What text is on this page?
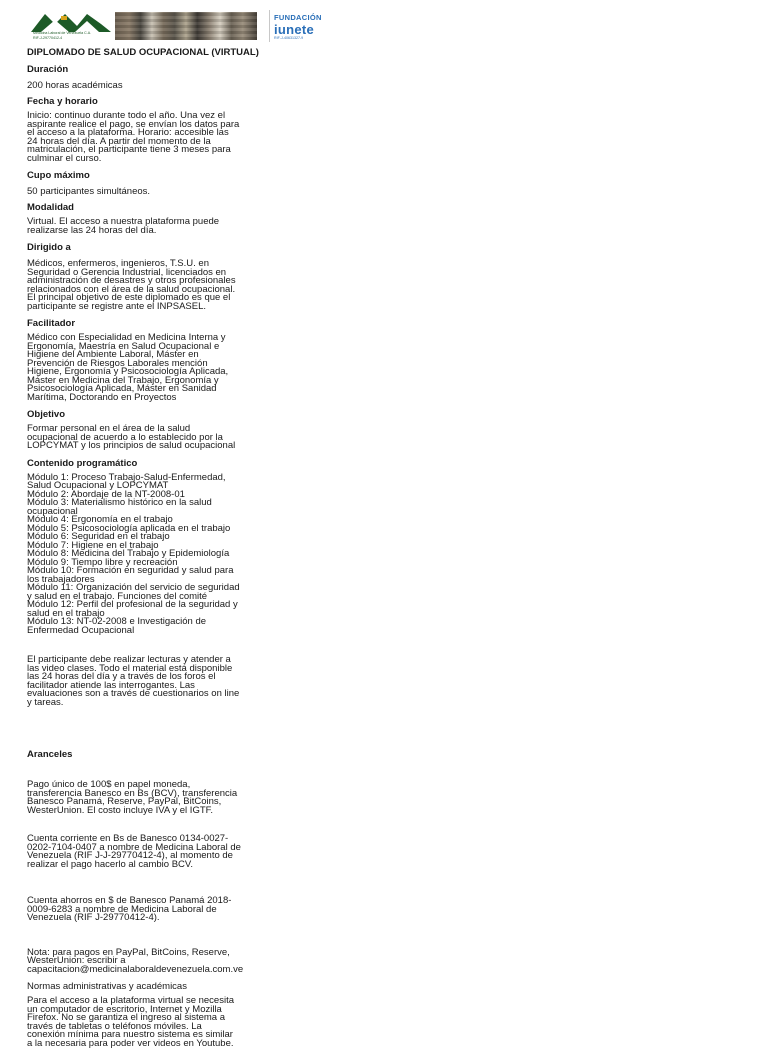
Medicina Laboral de Venezuela C.A.
RIF-J-29770412-4
FUNDACIÓN
iunete
RIF-J-40631327-9
DIPLOMADO DE SALUD OCUPACIONAL (VIRTUAL)
Duración
200 horas académicas
Fecha y horario
Inicio: continuo durante todo el año. Una vez el
aspirante realice el pago, se envían los datos para
el acceso a la plataforma. Horario: accesible las
24 horas del día. A partir del momento de la
matriculación, el participante tiene 3 meses para
culminar el curso.
Cupo máximo
50 participantes simultáneos.
Modalidad
Virtual. El acceso a nuestra plataforma puede
realizarse las 24 horas del día.
Dirigido a
Médicos, enfermeros, ingenieros, T.S.U. en
Seguridad o Gerencia Industrial, licenciados en
administración de desastres y otros profesionales
relacionados con el área de la salud ocupacional.
El principal objetivo de este diplomado es que el
participante se registre ante el INPSASEL.
Facilitador
Médico con Especialidad en Medicina Interna y
Ergonomía, Maestría en Salud Ocupacional e
Higiene del Ambiente Laboral, Máster en
Prevención de Riesgos Laborales mención
Higiene, Ergonomía y Psicosociología Aplicada,
Máster en Medicina del Trabajo, Ergonomía y
Psicosociología Aplicada, Máster en Sanidad
Marítima, Doctorando en Proyectos
Objetivo
Formar personal en el área de la salud
ocupacional de acuerdo a lo establecido por la
LOPCYMAT y los principios de salud ocupacional
Contenido programático
Módulo 1: Proceso Trabajo-Salud-Enfermedad,
Salud Ocupacional y LOPCYMAT
Módulo 2: Abordaje de la NT-2008-01
Módulo 3: Materialismo histórico en la salud
ocupacional
Módulo 4: Ergonomía en el trabajo
Módulo 5: Psicosociología aplicada en el trabajo
Módulo 6: Seguridad en el trabajo
Módulo 7: Higiene en el trabajo
Módulo 8: Medicina del Trabajo y Epidemiología
Módulo 9: Tiempo libre y recreación
Módulo 10: Formación en seguridad y salud para
los trabajadores
Módulo 11: Organización del servicio de seguridad
y salud en el trabajo. Funciones del comité
Módulo 12: Perfil del profesional de la seguridad y
salud en el trabajo
Módulo 13: NT-02-2008 e Investigación de
Enfermedad Ocupacional
El participante debe realizar lecturas y atender a
las video clases. Todo el material está disponible
las 24 horas del día y a través de los foros el
facilitador atiende las interrogantes. Las
evaluaciones son a través de cuestionarios on line
y tareas.
Aranceles
Pago único de 100$ en papel moneda,
transferencia Banesco en Bs (BCV), transferencia
Banesco Panamá, Reserve, PayPal, BitCoins,
WesterUnion. El costo incluye IVA y el IGTF.
Cuenta corriente en Bs de Banesco 0134-0027-
0202-7104-0407 a nombre de Medicina Laboral de
Venezuela (RIF J-J-29770412-4), al momento de
realizar el pago hacerlo al cambio BCV.
Cuenta ahorros en $ de Banesco Panamá 2018-
0009-6283 a nombre de Medicina Laboral de
Venezuela (RIF J-29770412-4).
Nota: para pagos en PayPal, BitCoins, Reserve,
WesterUnion: escribir a
capacitacion@medicinalaboraldevenezuela.com.ve
Normas administrativas y académicas
Para el acceso a la plataforma virtual se necesita
un computador de escritorio, Internet y Mozilla
Firefox. No se garantiza el ingreso al sistema a
través de tabletas o teléfonos móviles. La
conexión mínima para nuestro sistema es similar
a la necesaria para poder ver videos en Youtube.
